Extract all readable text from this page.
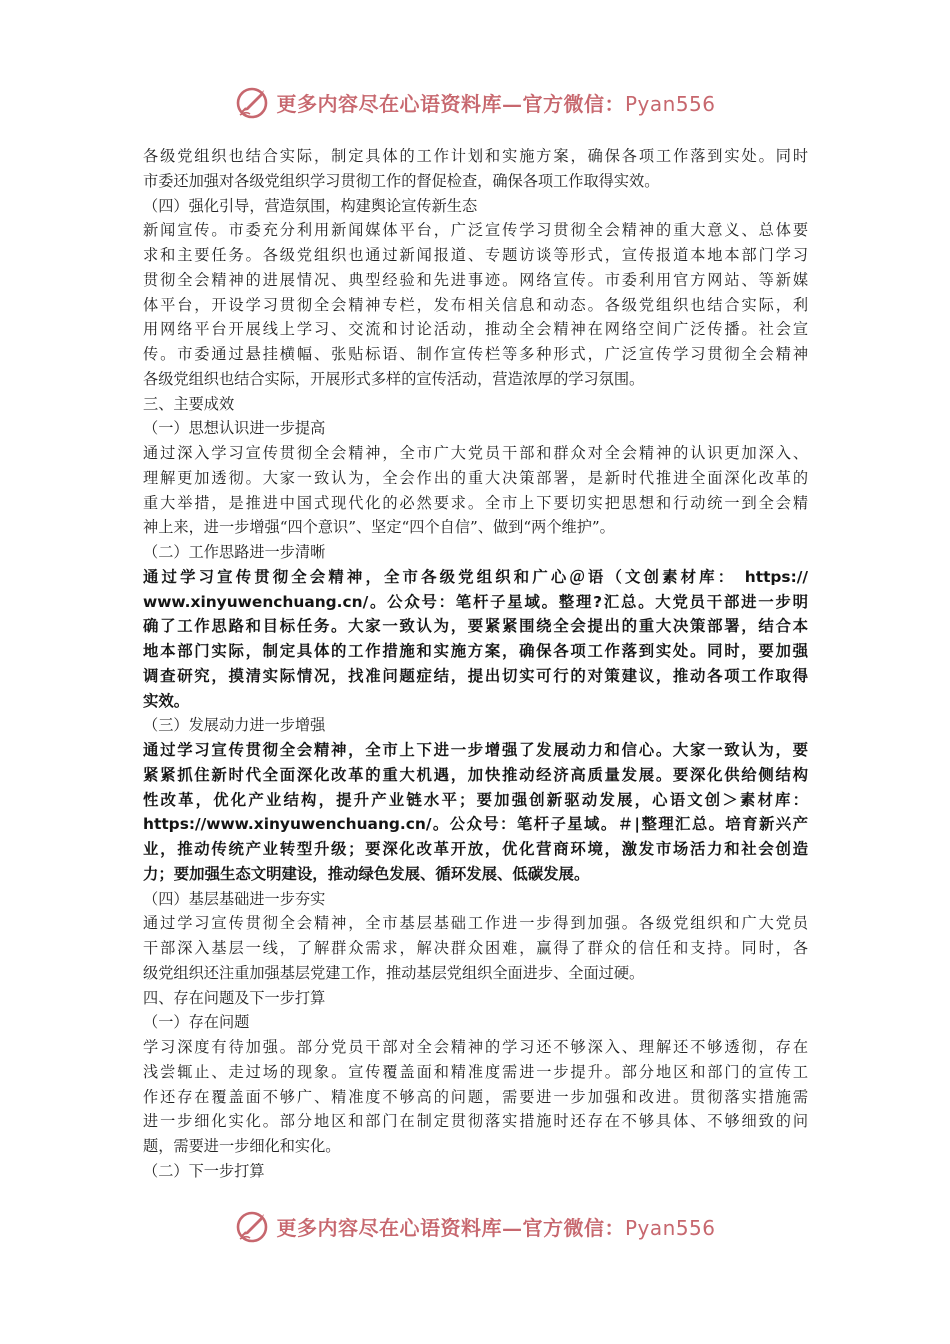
更多内容尽在心语资料库—官方微信：Pyan556
各级党组织也结合实际，制定具体的工作计划和实施方案，确保各项工作落到实处。同时
市委还加强对各级党组织学习贯彻工作的督促检查，确保各项工作取得实效。
（四）强化引导，营造氛围，构建舆论宣传新生态
新闻宣传。市委充分利用新闻媒体平台，广泛宣传学习贯彻全会精神的重大意义、总体要
求和主要任务。各级党组织也通过新闻报道、专题访谈等形式，宣传报道本地本部门学习
贯彻全会精神的进展情况、典型经验和先进事迹。网络宣传。市委利用官方网站、等新媒
体平台，开设学习贯彻全会精神专栏，发布相关信息和动态。各级党组织也结合实际，利
用网络平台开展线上学习、交流和讨论活动，推动全会精神在网络空间广泛传播。社会宣
传。市委通过悬挂横幅、张贴标语、制作宣传栏等多种形式，广泛宣传学习贯彻全会精神
各级党组织也结合实际，开展形式多样的宣传活动，营造浓厚的学习氛围。
三、主要成效
（一）思想认识进一步提高
通过深入学习宣传贯彻全会精神，全市广大党员干部和群众对全会精神的认识更加深入、
理解更加透彻。大家一致认为，全会作出的重大决策部署，是新时代推进全面深化改革的
重大举措，是推进中国式现代化的必然要求。全市上下要切实把思想和行动统一到全会精
神上来，进一步增强“四个意识”、坚定“四个自信”、做到“两个维护”。
（二）工作思路进一步清晰
通过学习宣传贯彻全会精神，全市各级党组织和广心＠语（文创素材库： https://
www.xinyuwenchuang.cn/。公众号：笔杆子星域。整理?汇总。大党员干部进一步明
确了工作思路和目标任务。大家一致认为，要紧紧围绕全会提出的重大决策部署，结合本
地本部门实际，制定具体的工作措施和实施方案，确保各项工作落到实处。同时，要加强
调查研究，摸清实际情况，找准问题症结，提出切实可行的对策建议，推动各项工作取得
实效。
（三）发展动力进一步增强
通过学习宣传贯彻全会精神，全市上下进一步增强了发展动力和信心。大家一致认为，要
紧紧抓住新时代全面深化改革的重大机遇，加快推动经济高质量发展。要深化供给侧结构
性改革，优化产业结构，提升产业链水平；要加强创新驱动发展，心语文创＞素材库：
https://www.xinyuwenchuang.cn/。公众号：笔杆子星域。＃|整理汇总。培育新兴产
业，推动传统产业转型升级；要深化改革开放，优化营商环境，激发市场活力和社会创造
力；要加强生态文明建设，推动绿色发展、循环发展、低碳发展。
（四）基层基础进一步夯实
通过学习宣传贯彻全会精神，全市基层基础工作进一步得到加强。各级党组织和广大党员
干部深入基层一线，了解群众需求，解决群众困难，赢得了群众的信任和支持。同时，各
级党组织还注重加强基层党建工作，推动基层党组织全面进步、全面过硬。
四、存在问题及下一步打算
（一）存在问题
学习深度有待加强。部分党员干部对全会精神的学习还不够深入、理解还不够透彻，存在
浅尝辄止、走过场的现象。宣传覆盖面和精准度需进一步提升。部分地区和部门的宣传工
作还存在覆盖面不够广、精准度不够高的问题，需要进一步加强和改进。贯彻落实措施需
进一步细化实化。部分地区和部门在制定贯彻落实措施时还存在不够具体、不够细致的问
题，需要进一步细化和实化。
（二）下一步打算
更多内容尽在心语资料库—官方微信：Pyan556
